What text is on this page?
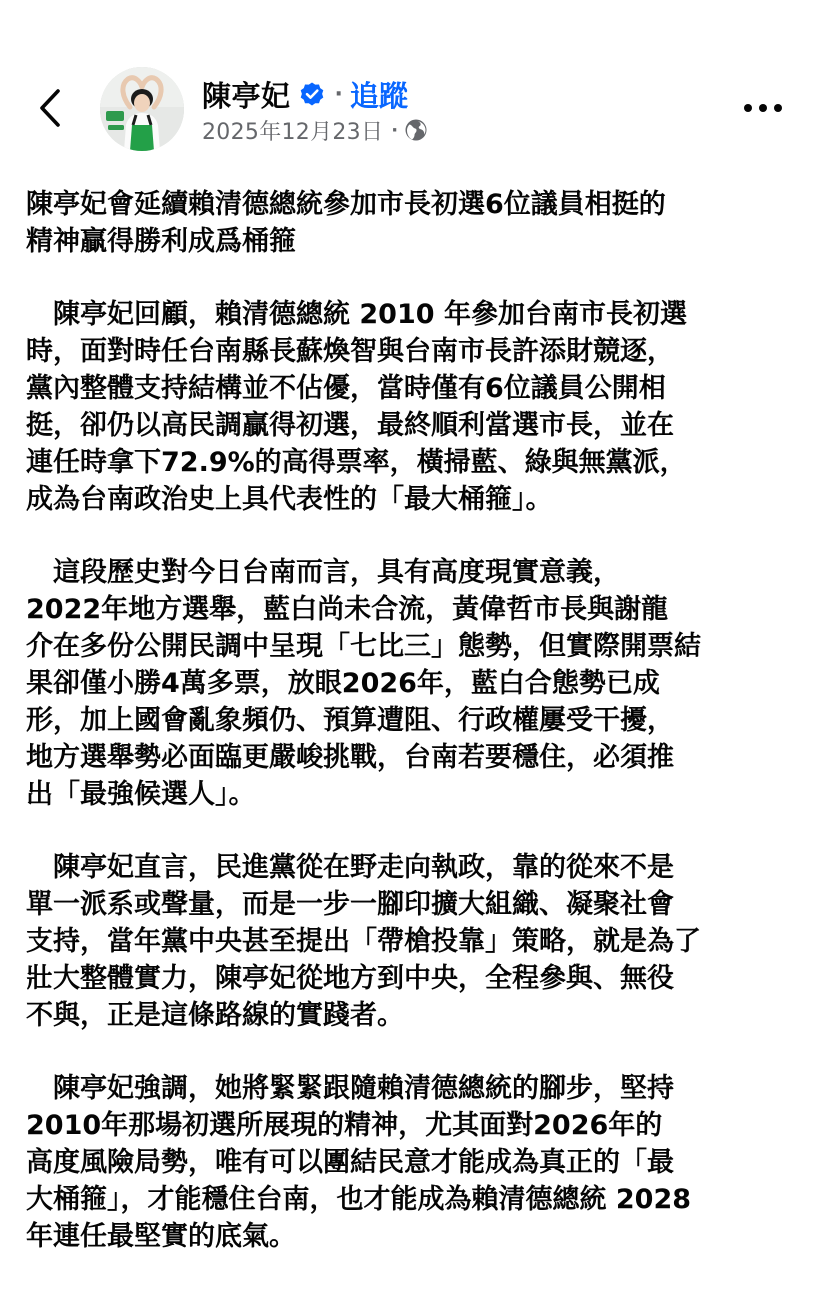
陳亭妃 · 追蹤
2025年12月23日 ·

陳亭妃會延續賴清德總統參加市長初選6位議員相挺的
精神贏得勝利成爲桶箍

陳亭妃回顧，賴清德總統 2010 年參加台南市長初選
時，面對時任台南縣長蘇煥智與台南市長許添財競逐，
黨內整體支持結構並不佔優，當時僅有6位議員公開相
挺，卻仍以高民調贏得初選，最終順利當選市長，並在
連任時拿下72.9%的高得票率，橫掃藍、綠與無黨派，
成為台南政治史上具代表性的「最大桶箍」。

這段歷史對今日台南而言，具有高度現實意義，
2022年地方選舉，藍白尚未合流，黃偉哲市長與謝龍
介在多份公開民調中呈現「七比三」態勢，但實際開票結
果卻僅小勝4萬多票，放眼2026年，藍白合態勢已成
形，加上國會亂象頻仍、預算遭阻、行政權屢受干擾，
地方選舉勢必面臨更嚴峻挑戰，台南若要穩住，必須推
出「最強候選人」。

陳亭妃直言，民進黨從在野走向執政，靠的從來不是
單一派系或聲量，而是一步一腳印擴大組織、凝聚社會
支持，當年黨中央甚至提出「帶槍投靠」策略，就是為了
壯大整體實力，陳亭妃從地方到中央，全程參與、無役
不與，正是這條路線的實踐者。

陳亭妃強調，她將緊緊跟隨賴清德總統的腳步，堅持
2010年那場初選所展現的精神，尤其面對2026年的
高度風險局勢，唯有可以團結民意才能成為真正的「最
大桶箍」，才能穩住台南，也才能成為賴清德總統 2028
年連任最堅實的底氣。
